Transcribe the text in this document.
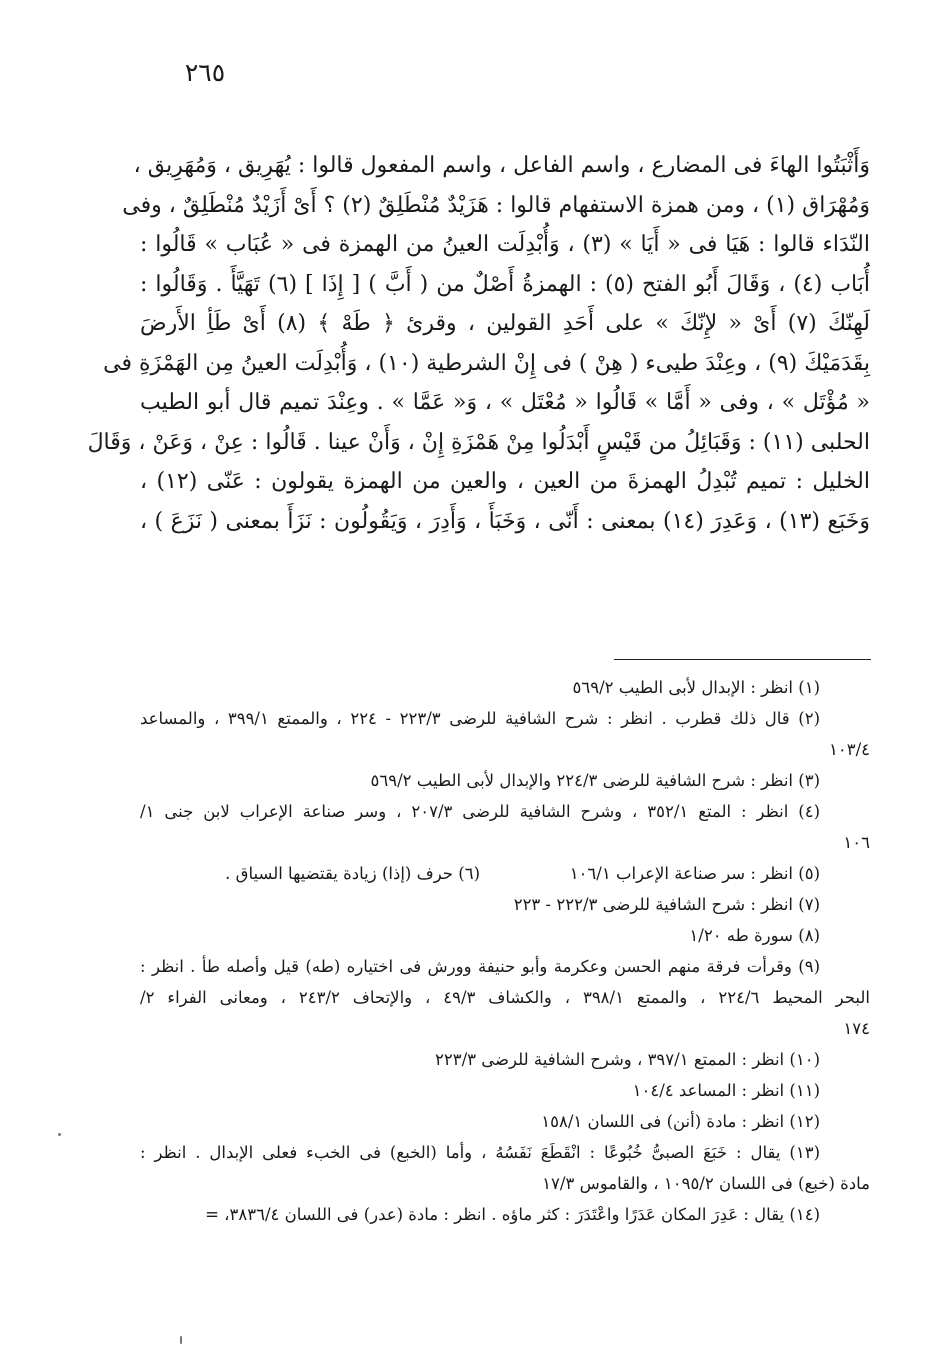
٢٦٥
وَأَثْبَتُوا الهاءَ فى المضارع ، واسم الفاعل ، واسم المفعول قالوا : يُهَرِيق ، وَمُهَرِيق ،
وَمُهْرَاق (١) ، ومن همزة الاستفهام قالوا : هَزَيْدٌ مُنْطَلِقٌ (٢) ؟ أَىْ أَزَيْدٌ مُنْطَلِقٌ ، وفى
النّدَاء قالوا : هَيَا فى « أَيَا » (٣) ، وَأُبْدِلَت العينُ من الهمزة فى « عُبَاب » قَالُوا :
أُبَاب (٤) ، وَقَالَ أَبُو الفتح (٥) : الهمزةُ أَصْلٌ من ( أَبَّ ) [ إِذَا ] (٦) تَهَيَّأَ . وَقَالُوا :
لَهِنّكَ (٧) أَىْ « لإِنّكَ » على أَحَدِ القولين ، وقرئ ﴿ طَهْ ﴾ (٨) أَىْ طَأِ الأَرضَ
بِقَدَمَيْكَ (٩) ، وعِنْدَ طيىء ( هِنْ ) فى إِنْ الشرطية (١٠) ، وَأُبْدِلَت العينُ مِن الهَمْزَةِ فى
« مُؤْتَل » ، وفى « أَمَّا » قَالُوا « مُعْتَل » ، وَ« عَمَّا » . وعِنْدَ تميم قال أبو الطيب
الحلبى (١١) : وَقَبَائِلُ من قَيْسٍ أَبْدَلُوا مِنْ هَمْزَةِ إِنْ ، وَأَنْ عينا . قَالُوا : عِنْ ، وَعَنْ ، وَقَالَ
الخليل : تميم تُبْدِلُ الهمزةَ من العين ، والعين من الهمزة يقولون : عَنّى (١٢) ،
وَخَبَع (١٣) ، وَعَدِرَ (١٤) بمعنى : أَنّى ، وَخَبَأَ ، وَأَدِرَ ، وَيَقُولُون : نَزَأَ بمعنى ( نَزَعَ ) ،
(١) انظر : الإبدال لأبى الطيب ٥٦٩/٢
(٢) قال ذلك قطرب . انظر : شرح الشافية للرضى ٢٢٣/٣ - ٢٢٤ ، والممتع ٣٩٩/١ ، والمساعد
١٠٣/٤
(٣) انظر : شرح الشافية للرضى ٢٢٤/٣ والإبدال لأبى الطيب ٥٦٩/٢
(٤) انظر : المتع ٣٥٢/١ ، وشرح الشافية للرضى ٢٠٧/٣ ، وسر صناعة الإعراب لابن جنى ١/
١٠٦
(٥) انظر : سر صناعة الإعراب ١٠٦/١
(٦) حرف (إذا) زيادة يقتضيها السياق .
(٧) انظر : شرح الشافية للرضى ٢٢٢/٣ - ٢٢٣
(٨) سورة طه ١/٢٠
(٩) وقرأت فرقة منهم الحسن وعكرمة وأبو حنيفة وورش فى اختياره (طه) قيل وأصله طأ . انظر :
البحر المحيط ٢٢٤/٦ ، والممتع ٣٩٨/١ ، والكشاف ٤٩/٣ ، والإتحاف ٢٤٣/٢ ، ومعانى الفراء ٢/
١٧٤
(١٠) انظر : الممتع ٣٩٧/١ ، وشرح الشافية للرضى ٢٢٣/٣
(١١) انظر : المساعد ١٠٤/٤
(١٢) انظر : مادة (أنن) فى اللسان ١٥٨/١
(١٣) يقال : خَبَعَ الصبىُّ خُبُوعًا : انْقَطَعَ نَفَسُهُ ، وأما (الخبع) فى الخبء فعلى الإبدال . انظر :
مادة (خبع) فى اللسان ١٠٩٥/٢ ، والقاموس ١٧/٣
(١٤) يقال : عَدِرَ المكان عَدَرًا واعْتَدَرَ : كثر ماؤه . انظر : مادة (عدر) فى اللسان ٣٨٣٦/٤، =
